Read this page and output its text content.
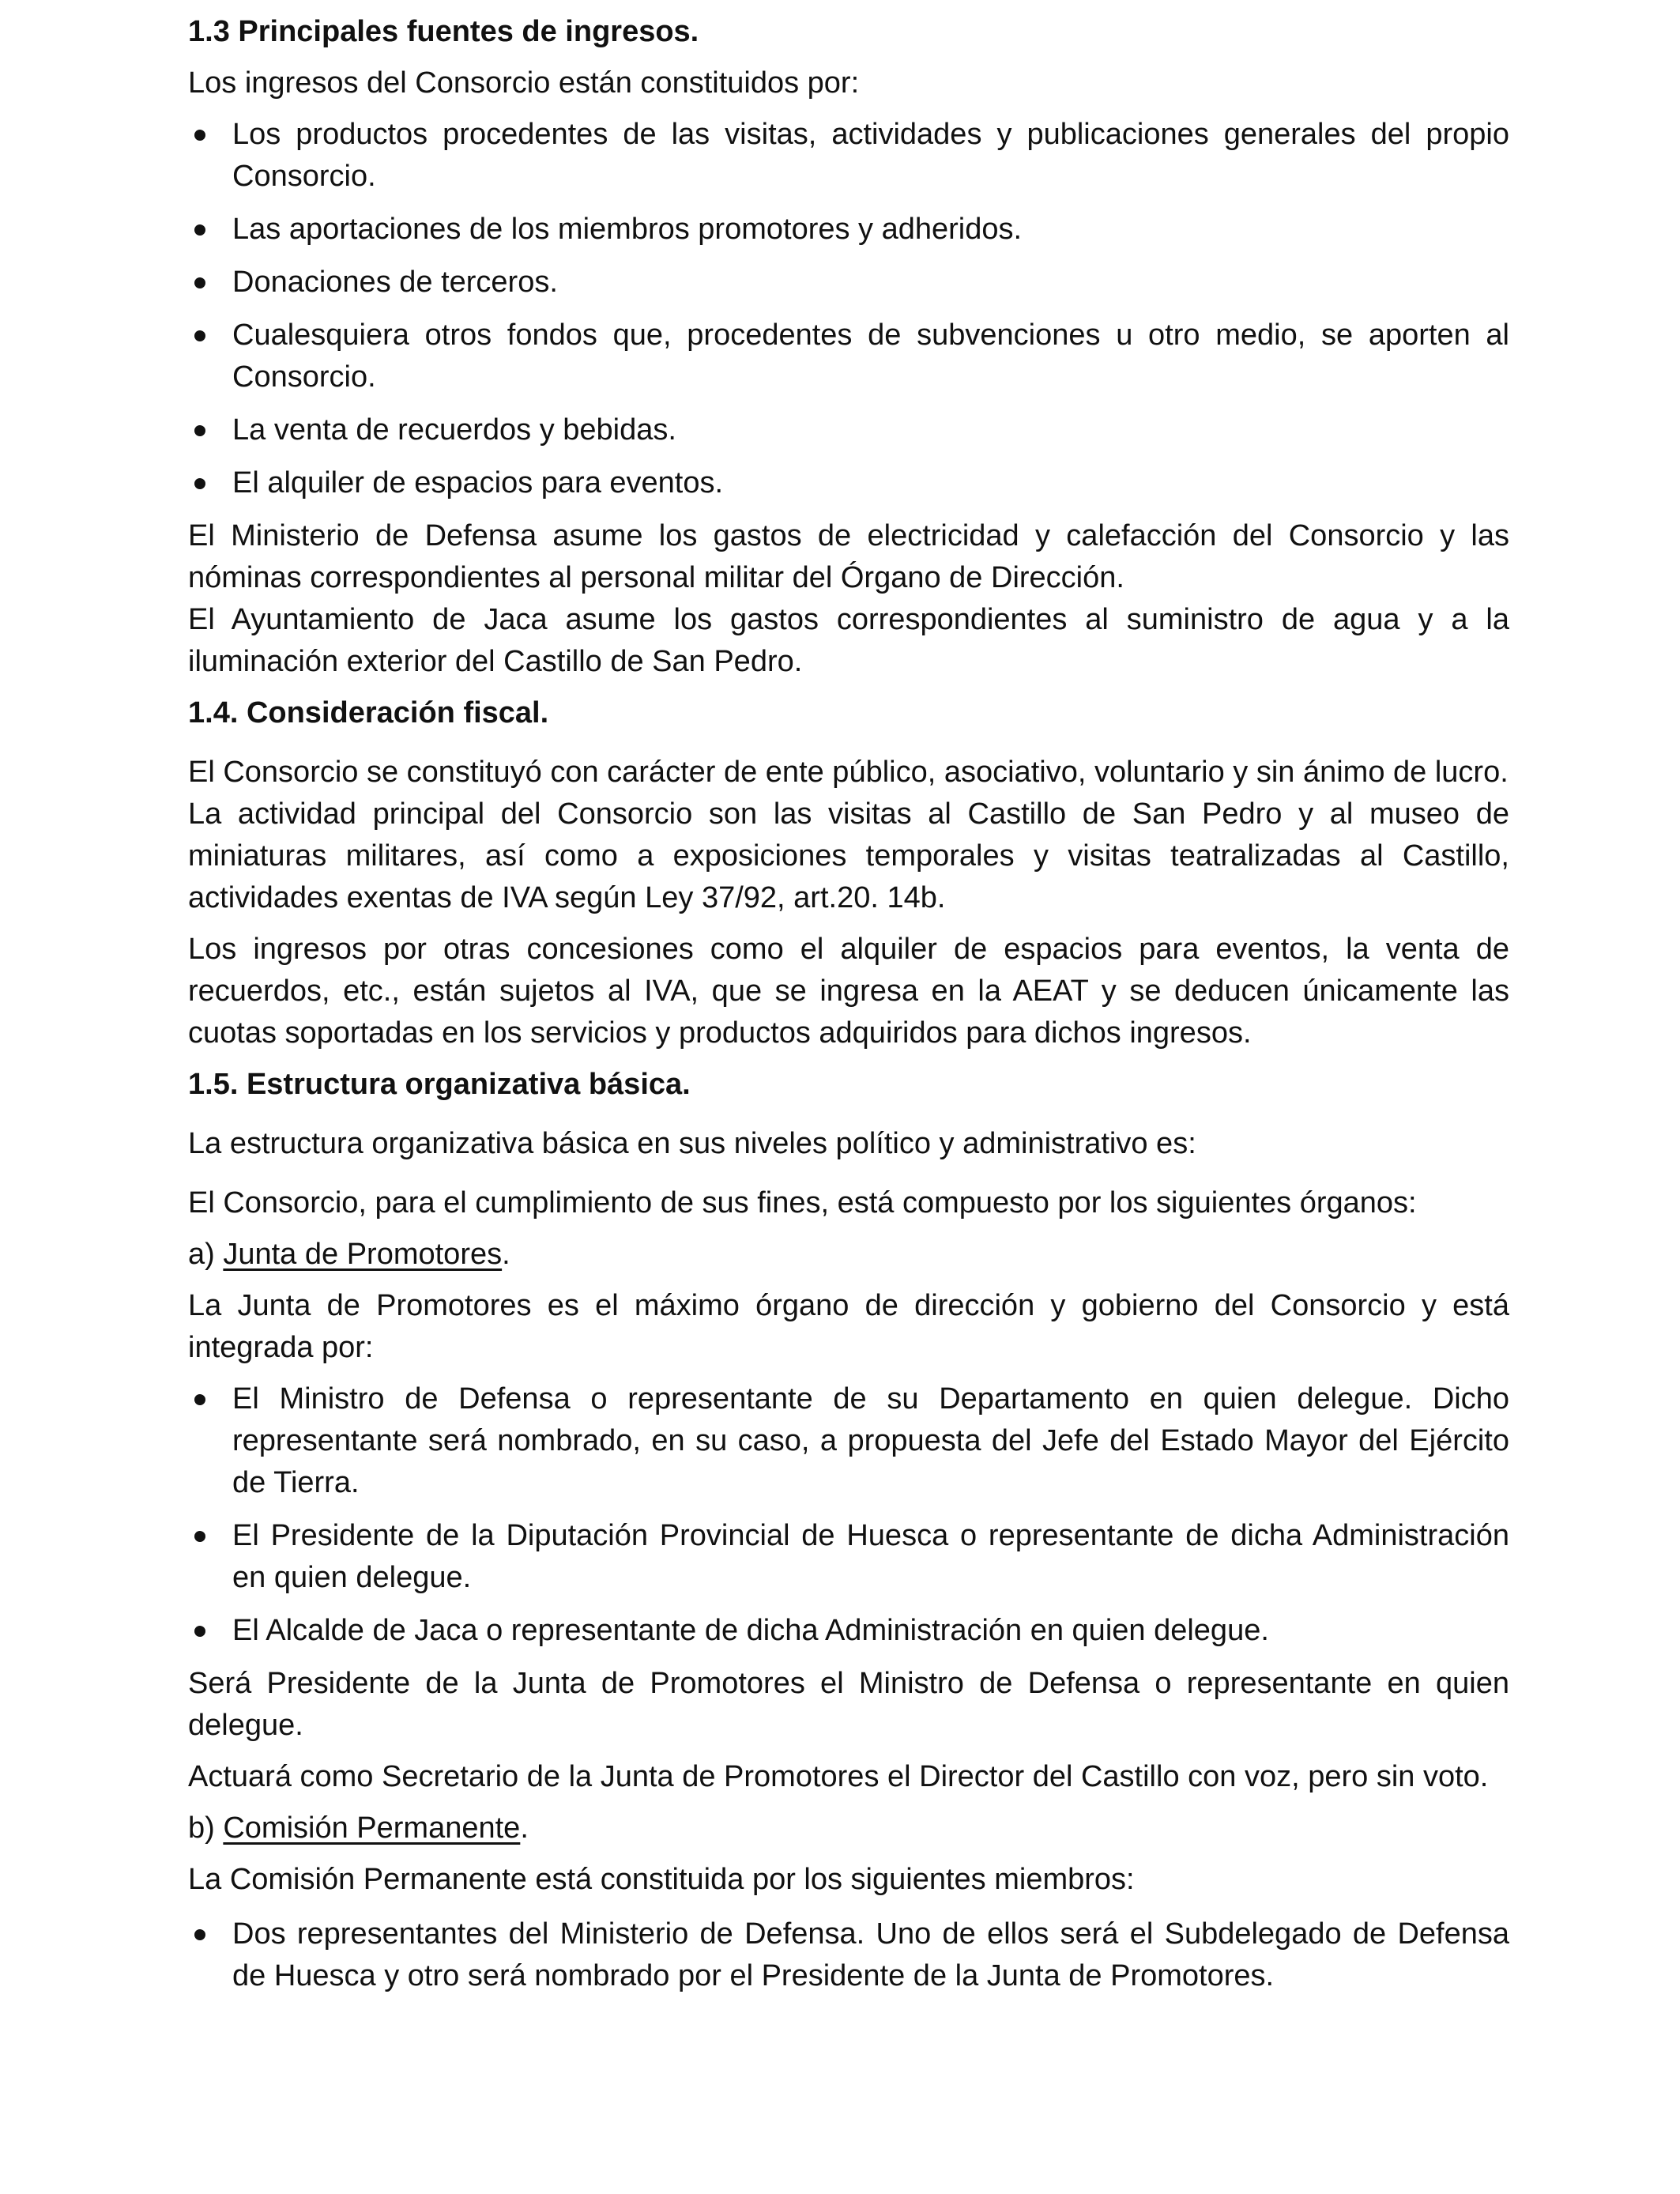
1.3 Principales fuentes de ingresos.
Los ingresos del Consorcio están constituidos por:
Los productos procedentes de las visitas, actividades y publicaciones generales del propio Consorcio.
Las aportaciones de los miembros promotores y adheridos.
Donaciones de terceros.
Cualesquiera otros fondos que, procedentes de subvenciones u otro medio, se aporten al Consorcio.
La venta de recuerdos y bebidas.
El alquiler de espacios para eventos.
El Ministerio de Defensa asume los gastos de electricidad y calefacción del Consorcio y las nóminas correspondientes al personal militar del Órgano de Dirección.
El Ayuntamiento de Jaca asume los gastos correspondientes al suministro de agua y a la iluminación exterior del Castillo de San Pedro.
1.4. Consideración fiscal.
El Consorcio se constituyó con carácter de ente público, asociativo, voluntario y sin ánimo de lucro.
La actividad principal del Consorcio son las visitas al Castillo de San Pedro y al museo de miniaturas militares, así como a exposiciones temporales y visitas teatralizadas al Castillo, actividades exentas de IVA según Ley 37/92, art.20. 14b.
Los ingresos por otras concesiones como el alquiler de espacios para eventos, la venta de recuerdos, etc., están sujetos al IVA, que se ingresa en la AEAT y se deducen únicamente las cuotas soportadas en los servicios y productos adquiridos para dichos ingresos.
1.5. Estructura organizativa básica.
La estructura organizativa básica en sus niveles político y administrativo es:
El Consorcio, para el cumplimiento de sus fines, está compuesto por los siguientes órganos:
a) Junta de Promotores.
La Junta de Promotores es el máximo órgano de dirección y gobierno del Consorcio y está integrada por:
El Ministro de Defensa o representante de su Departamento en quien delegue. Dicho representante será nombrado, en su caso, a propuesta del Jefe del Estado Mayor del Ejército de Tierra.
El Presidente de la Diputación Provincial de Huesca o representante de dicha Administración en quien delegue.
El Alcalde de Jaca o representante de dicha Administración en quien delegue.
Será Presidente de la Junta de Promotores el Ministro de Defensa o representante en quien delegue.
Actuará como Secretario de la Junta de Promotores el Director del Castillo con voz, pero sin voto.
b) Comisión Permanente.
La Comisión Permanente está constituida por los siguientes miembros:
Dos representantes del Ministerio de Defensa. Uno de ellos será el Subdelegado de Defensa de Huesca y otro será nombrado por el Presidente de la Junta de Promotores.
